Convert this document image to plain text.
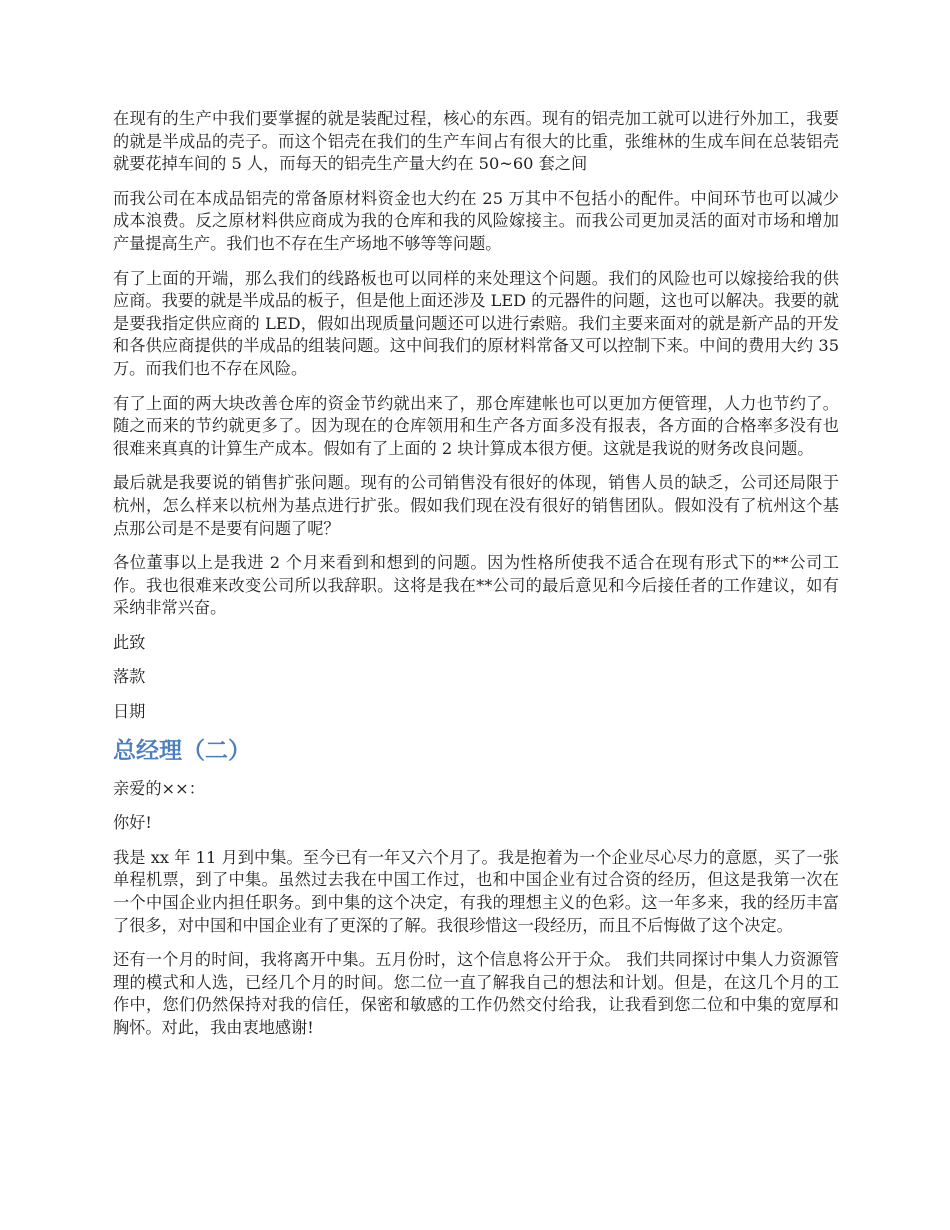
在现有的生产中我们要掌握的就是装配过程，核心的东西。现有的铝壳加工就可以进行外加工，我要的就是半成品的壳子。而这个铝壳在我们的生产车间占有很大的比重，张维林的生成车间在总装铝壳就要花掉车间的 5 人，而每天的铝壳生产量大约在 50~60 套之间

而我公司在本成品铝壳的常备原材料资金也大约在 25 万其中不包括小的配件。中间环节也可以减少成本浪费。反之原材料供应商成为我的仓库和我的风险嫁接主。而我公司更加灵活的面对市场和增加产量提高生产。我们也不存在生产场地不够等等问题。

有了上面的开端，那么我们的线路板也可以同样的来处理这个问题。我们的风险也可以嫁接给我的供应商。我要的就是半成品的板子，但是他上面还涉及 LED 的元器件的问题，这也可以解决。我要的就是要我指定供应商的 LED，假如出现质量问题还可以进行索赔。我们主要来面对的就是新产品的开发和各供应商提供的半成品的组装问题。这中间我们的原材料常备又可以控制下来。中间的费用大约 35 万。而我们也不存在风险。

有了上面的两大块改善仓库的资金节约就出来了，那仓库建帐也可以更加方便管理，人力也节约了。随之而来的节约就更多了。因为现在的仓库领用和生产各方面多没有报表，各方面的合格率多没有也很难来真真的计算生产成本。假如有了上面的 2 块计算成本很方便。这就是我说的财务改良问题。

最后就是我要说的销售扩张问题。现有的公司销售没有很好的体现，销售人员的缺乏，公司还局限于杭州，怎么样来以杭州为基点进行扩张。假如我们现在没有很好的销售团队。假如没有了杭州这个基点那公司是不是要有问题了呢？

各位董事以上是我进 2 个月来看到和想到的问题。因为性格所使我不适合在现有形式下的**公司工作。我也很难来改变公司所以我辞职。这将是我在**公司的最后意见和今后接任者的工作建议，如有采纳非常兴奋。

此致

落款

日期

总经理（二）

亲爱的××：

你好!

我是 xx 年 11 月到中集。至今已有一年又六个月了。我是抱着为一个企业尽心尽力的意愿，买了一张单程机票，到了中集。虽然过去我在中国工作过，也和中国企业有过合资的经历，但这是我第一次在一个中国企业内担任职务。到中集的这个决定，有我的理想主义的色彩。这一年多来，我的经历丰富了很多，对中国和中国企业有了更深的了解。我很珍惜这一段经历，而且不后悔做了这个决定。

还有一个月的时间，我将离开中集。五月份时，这个信息将公开于众。 我们共同探讨中集人力资源管理的模式和人选，已经几个月的时间。您二位一直了解我自己的想法和计划。但是，在这几个月的工作中，您们仍然保持对我的信任，保密和敏感的工作仍然交付给我，让我看到您二位和中集的宽厚和胸怀。对此，我由衷地感谢!
